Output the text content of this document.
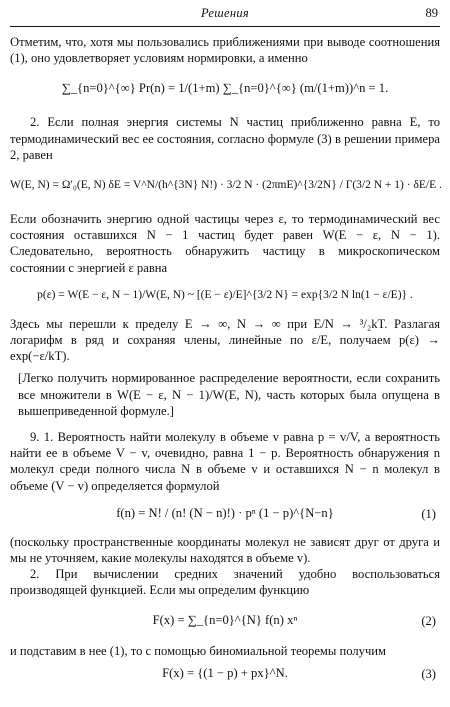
Решения	89

Отметим, что, хотя мы пользовались приближениями при выводе соотношения (1), оно удовлетворяет условиям нормировки, а именно

∑_{n=0}^{∞} Pr(n) = 1/(1+m) ∑_{n=0}^{∞} (m/(1+m))^n = 1.

2. Если полная энергия системы N частиц приближенно равна E, то термодинамический вес ее состояния, согласно формуле (3) в решении примера 2, равен

W(E, N) = Ω′₀(E, N) δE = V^N/(h^{3N} N!) · 3/2 N · (2πmE)^{3/2N} / Γ(3/2 N + 1) · δE/E .

Если обозначить энергию одной частицы через ε, то термодинамический вес состояния оставшихся N − 1 частиц будет равен W(E − ε, N − 1). Следовательно, вероятность обнаружить частицу в микроскопическом состоянии с энергией ε равна

p(ε) = W(E − ε, N − 1)/W(E, N) ~ [(E − ε)/E]^{3/2 N} = exp{3/2 N ln(1 − ε/E)} .

Здесь мы перешли к пределу E → ∞, N → ∞ при E/N → ³/₂kT. Разлагая логарифм в ряд и сохраняя члены, линейные по ε/E, получаем p(ε) → exp(−ε/kT).

[Легко получить нормированное распределение вероятности, если сохранить все множители в W(E − ε, N − 1)/W(E, N), часть которых была опущена в вышеприведенной формуле.]

9. 1. Вероятность найти молекулу в объеме v равна p = v/V, а вероятность найти ее в объеме V − v, очевидно, равна 1 − p. Вероятность обнаружения n молекул среди полного числа N в объеме v и оставшихся N − n молекул в объеме (V − v) определяется формулой

f(n) = N! / (n! (N − n)!) · pⁿ (1 − p)^{N−n}	(1)

(поскольку пространственные координаты молекул не зависят друг от друга и мы не уточняем, какие молекулы находятся в объеме v).

2. При вычислении средних значений удобно воспользоваться производящей функцией. Если мы определим функцию

F(x) = ∑_{n=0}^{N} f(n) xⁿ	(2)

и подставим в нее (1), то с помощью биномиальной теоремы получим

F(x) = {(1 − p) + px}^N.	(3)
